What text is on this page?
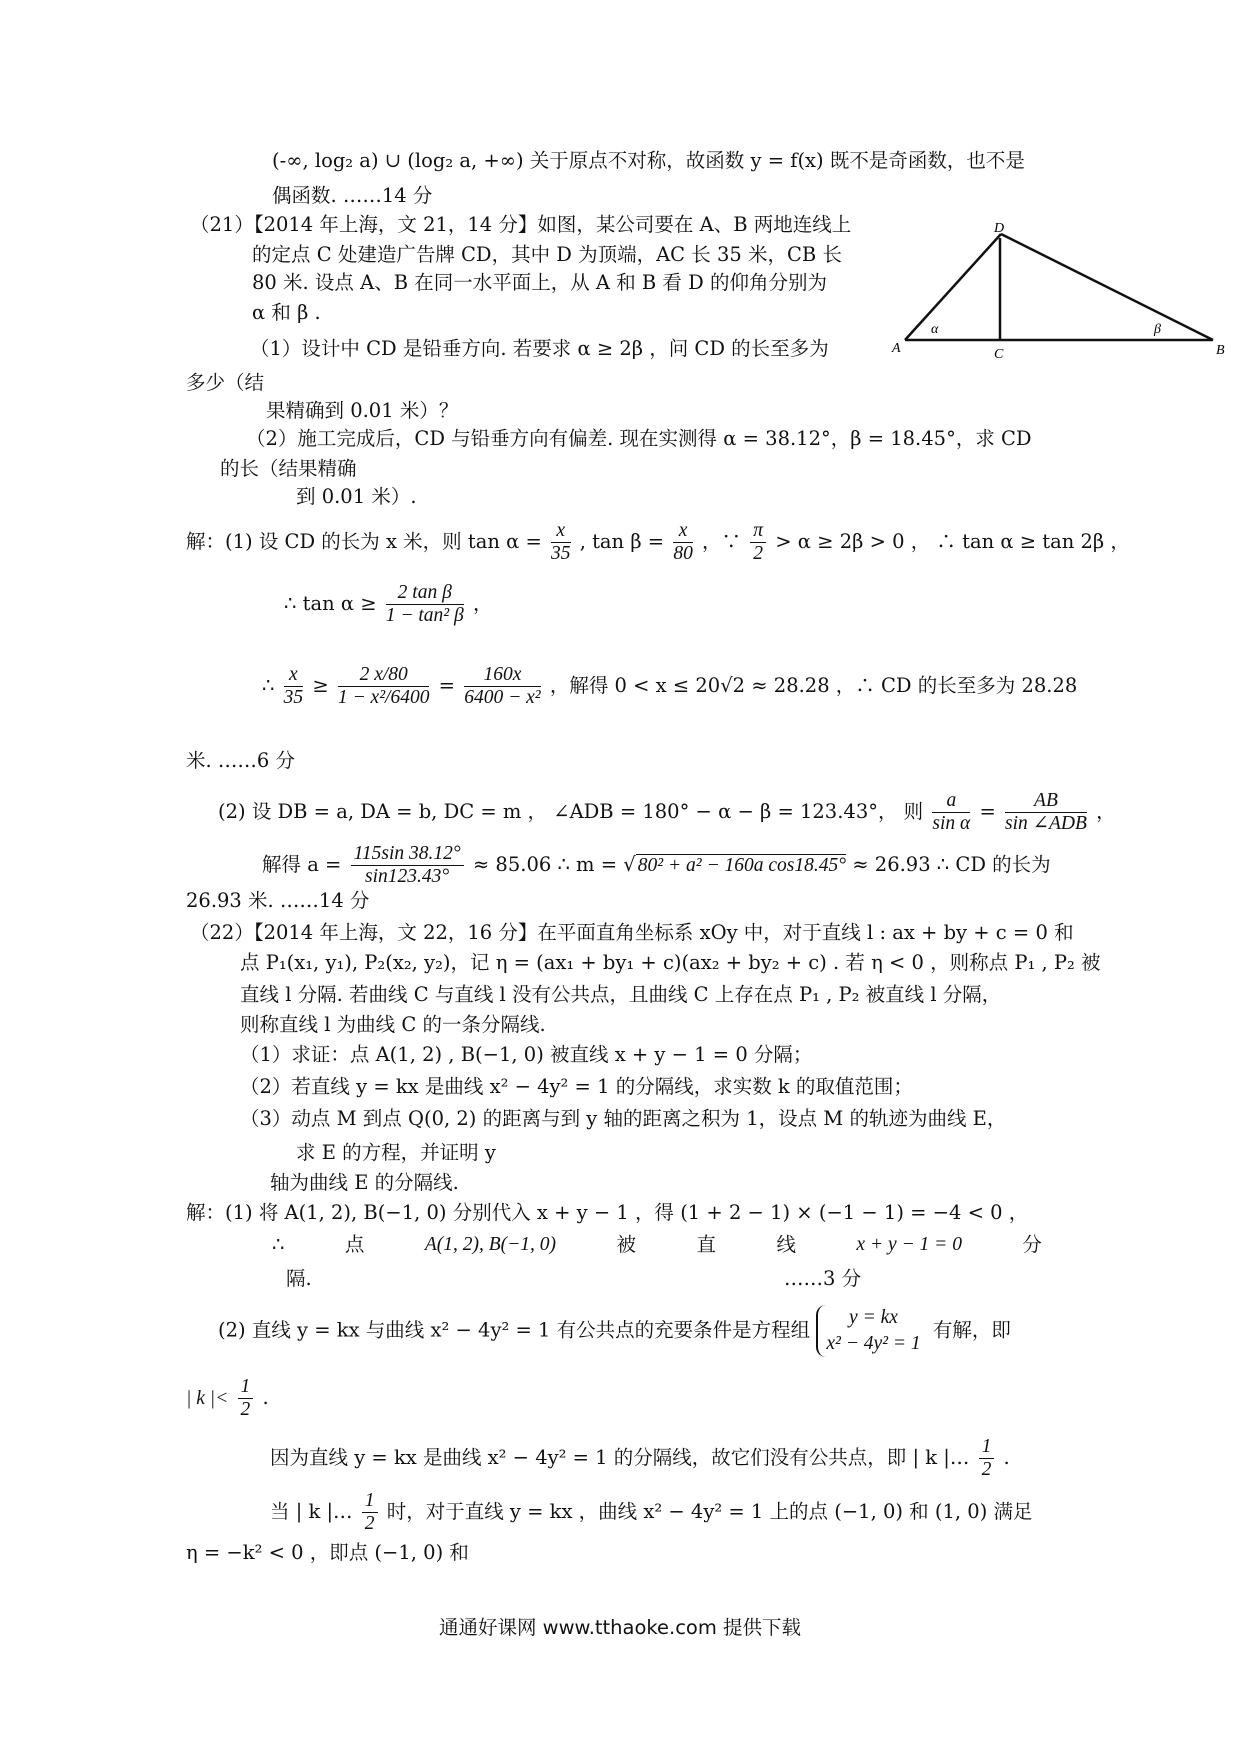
D
A	C	B
α	β
(-∞, log₂ a) ∪ (log₂ a, +∞) 关于原点不对称，故函数 y = f(x) 既不是奇函数，也不是
偶函数. ……14 分
（21）【2014 年上海，文 21，14 分】如图，某公司要在 A、B 两地连线上
的定点 C 处建造广告牌 CD，其中 D 为顶端，AC 长 35 米，CB 长
80 米. 设点 A、B 在同一水平面上，从 A 和 B 看 D 的仰角分别为
α 和 β .
（1）设计中 CD 是铅垂方向. 若要求 α ≥ 2β ，问 CD 的长至多为
多少（结
果精确到 0.01 米）？
（2）施工完成后，CD 与铅垂方向有偏差. 现在实测得 α = 38.12°，β = 18.45°，求 CD
的长（结果精确
到 0.01 米）.
解：(1) 设 CD 的长为 x 米，则 $\tan \alpha = \frac{x}{35}$ , $\tan \beta = \frac{x}{80}$ ，∵ $\frac{\pi}{2} > \alpha \ge 2\beta > 0$ ， ∴ tan α ≥ tan 2β ，
∴ $\tan \alpha \ge \frac{\text{2 tan β}}{\text{1 − tan² β}}$ ，
∴ $\frac{x}{35} \ge \frac{2 x/80}{\text{1 − x²/6400}} = \frac{160x}{\text{6400 − x²}}$ ，解得 0 < x ≤ 20√2 ≈ 28.28 ，∴ CD 的长至多为 28.28
米. ……6 分
(2) 设 DB = a, DA = b, DC = m ， ∠ADB = 180° − α − β = 123.43°， 则 $\frac{a}{\text{sin α}} = \frac{AB}{\text{sin ∠ADB}}$ ，
解得 $a = \frac{115\sin 38.12^\circ}{\sin 123.43^\circ} \approx 85.06$ ∴ m = √ 80² + a² − 160a cos18.45° ≈ 26.93 ∴ CD 的长为
26.93 米. ……14 分
（22）【2014 年上海，文 22，16 分】在平面直角坐标系 xOy 中，对于直线 l : ax + by + c = 0 和
点 P₁(x₁, y₁), P₂(x₂, y₂)，记 η = (ax₁ + by₁ + c)(ax₂ + by₂ + c) . 若 η < 0 ，则称点 P₁ , P₂ 被
直线 l 分隔. 若曲线 C 与直线 l 没有公共点，且曲线 C 上存在点 P₁ , P₂ 被直线 l 分隔，
则称直线 l 为曲线 C 的一条分隔线.
（1）求证：点 A(1, 2) , B(−1, 0) 被直线 x + y − 1 = 0 分隔；
（2）若直线 y = kx 是曲线 x² − 4y² = 1 的分隔线，求实数 k 的取值范围；
（3）动点 M 到点 Q(0, 2) 的距离与到 y 轴的距离之积为 1，设点 M 的轨迹为曲线 E，
求 E 的方程，并证明 y
轴为曲线 E 的分隔线.
解：(1) 将 A(1, 2), B(−1, 0) 分别代入 x + y − 1 ，得 (1 + 2 − 1) × (−1 − 1) = −4 < 0 ，
∴	点	A(1, 2), B(−1, 0)	被	直	线	x + y − 1 = 0	分
隔.	……3 分
(2) 直线 y = kx 与曲线 x² − 4y² = 1 有公共点的充要条件是方程组
y = kx
x² − 4y² = 1
有解，即
| k |< $\frac{1}{2}$ .
因为直线 y = kx 是曲线 x² − 4y² = 1 的分隔线，故它们没有公共点，即 | k |… $\frac{1}{2}$ .
当 | k |… $\frac{1}{2}$ 时，对于直线 y = kx ，曲线 x² − 4y² = 1 上的点 (−1, 0) 和 (1, 0) 满足
η = −k² < 0 ，即点 (−1, 0) 和
通通好课网 www.tthaoke.com 提供下载
